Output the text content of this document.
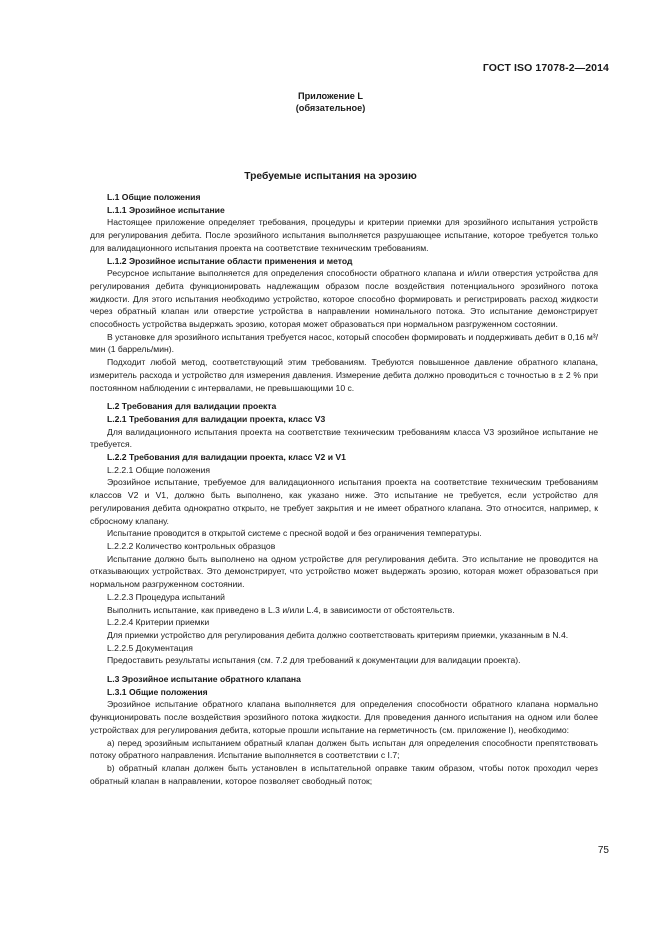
ГОСТ ISO 17078-2—2014
Приложение L
(обязательное)
Требуемые испытания на эрозию

L.1 Общие положения

L.1.1 Эрозийное испытание

Настоящее приложение определяет требования, процедуры и критерии приемки для эрозийного испытания устройств для регулирования дебита. После эрозийного испытания выполняется разрушающее испытание, которое требуется только для валидационного испытания проекта на соответствие техническим требованиям.

L.1.2 Эрозийное испытание области применения и метод

Ресурсное испытание выполняется для определения способности обратного клапана и и/или отверстия устройства для регулирования дебита функционировать надлежащим образом после воздействия потенциального эрозийного потока жидкости. Для этого испытания необходимо устройство, которое способно формировать и регистрировать расход жидкости через обратный клапан или отверстие устройства в направлении номинального потока. Это испытание демонстрирует способность устройства выдержать эрозию, которая может образоваться при нормальном разгруженном состоянии.

В установке для эрозийного испытания требуется насос, который способен формировать и поддерживать дебит в 0,16 м³/мин (1 баррель/мин).

Подходит любой метод, соответствующий этим требованиям. Требуются повышенное давление обратного клапана, измеритель расхода и устройство для измерения давления. Измерение дебита должно проводиться с точностью в ± 2 % при постоянном наблюдении с интервалами, не превышающими 10 с.

L.2 Требования для валидации проекта

L.2.1 Требования для валидации проекта, класс V3

Для валидационного испытания проекта на соответствие техническим требованиям класса V3 эрозийное испытание не требуется.

L.2.2 Требования для валидации проекта, класс V2 и V1

L.2.2.1 Общие положения

Эрозийное испытание, требуемое для валидационного испытания проекта на соответствие техническим требованиям классов V2 и V1, должно быть выполнено, как указано ниже. Это испытание не требуется, если устройство для регулирования дебита однократно открыто, не требует закрытия и не имеет обратного клапана. Это относится, например, к сбросному клапану.

Испытание проводится в открытой системе с пресной водой и без ограничения температуры.

L.2.2.2 Количество контрольных образцов

Испытание должно быть выполнено на одном устройстве для регулирования дебита. Это испытание не проводится на отказывающих устройствах. Это демонстрирует, что устройство может выдержать эрозию, которая может образоваться при нормальном разгруженном состоянии.

L.2.2.3 Процедура испытаний

Выполнить испытание, как приведено в L.3 и/или L.4, в зависимости от обстоятельств.

L.2.2.4 Критерии приемки

Для приемки устройство для регулирования дебита должно соответствовать критериям приемки, указанным в N.4.

L.2.2.5 Документация

Предоставить результаты испытания (см. 7.2 для требований к документации для валидации проекта).

L.3 Эрозийное испытание обратного клапана

L.3.1 Общие положения

Эрозийное испытание обратного клапана выполняется для определения способности обратного клапана нормально функционировать после воздействия эрозийного потока жидкости. Для проведения данного испытания на одном или более устройствах для регулирования дебита, которые прошли испытание на герметичность (см. приложение I), необходимо:

a) перед эрозийным испытанием обратный клапан должен быть испытан для определения способности препятствовать потоку обратного направления. Испытание выполняется в соответствии с I.7;

b) обратный клапан должен быть установлен в испытательной оправке таким образом, чтобы поток проходил через обратный клапан в направлении, которое позволяет свободный поток;

75
